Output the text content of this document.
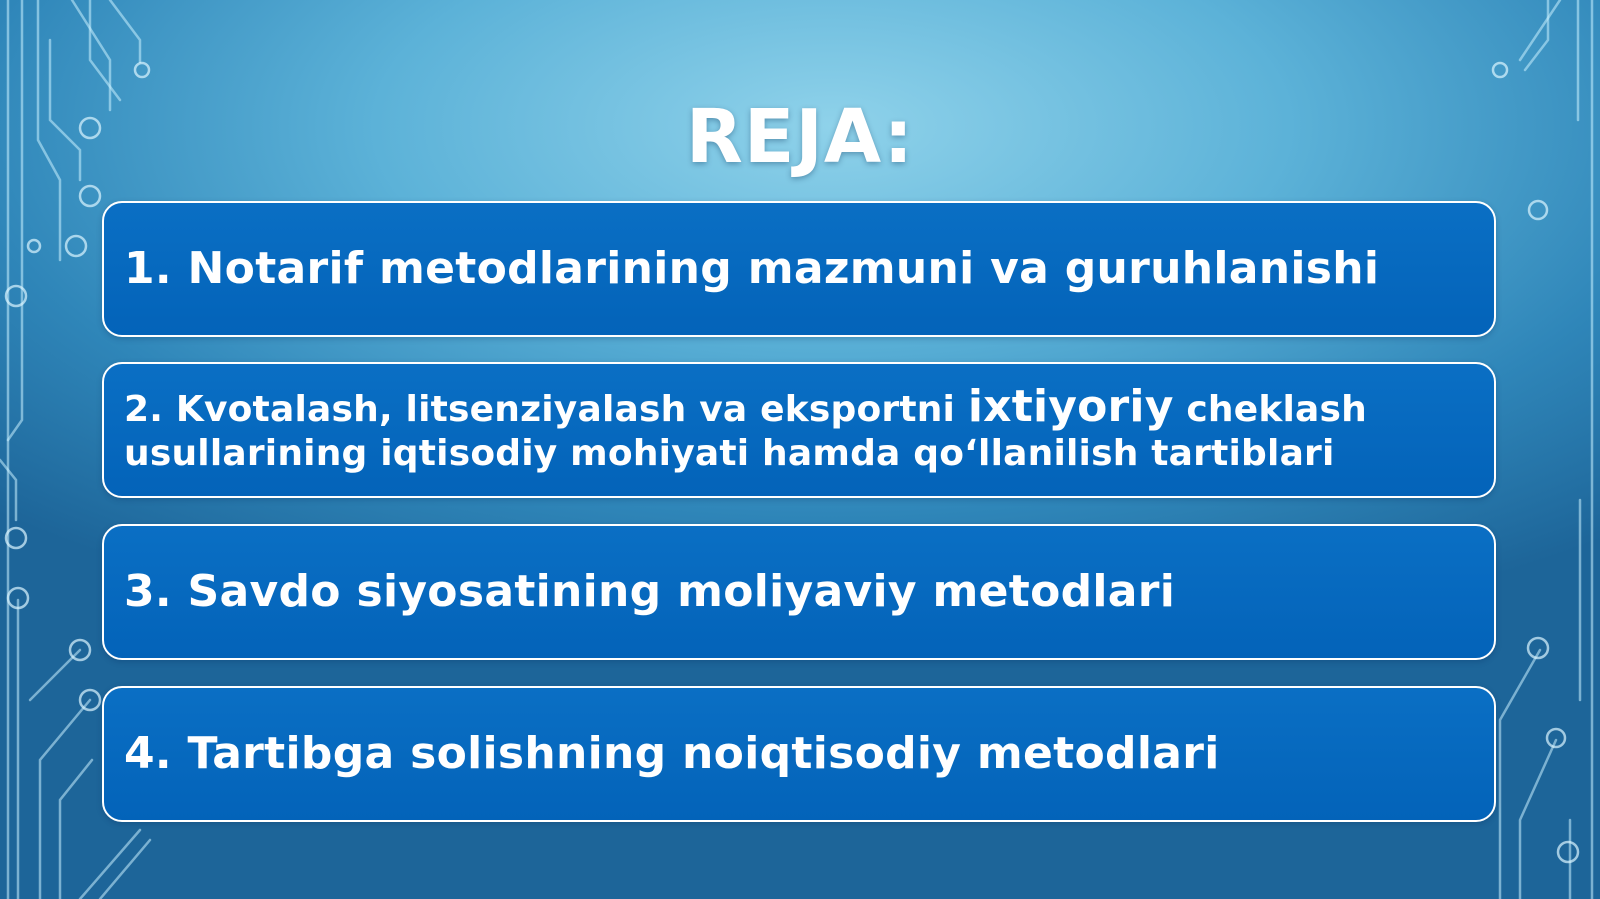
REJA:
1. Notarif metodlarining mazmuni va guruhlanishi
2. Kvotalash, litsenziyalash va eksportni ixtiyoriy cheklash
usullarining iqtisodiy mohiyati hamda qo‘llanilish tartiblari
3. Savdo siyosatining moliyaviy metodlari
4. Tartibga solishning noiqtisodiy metodlari
